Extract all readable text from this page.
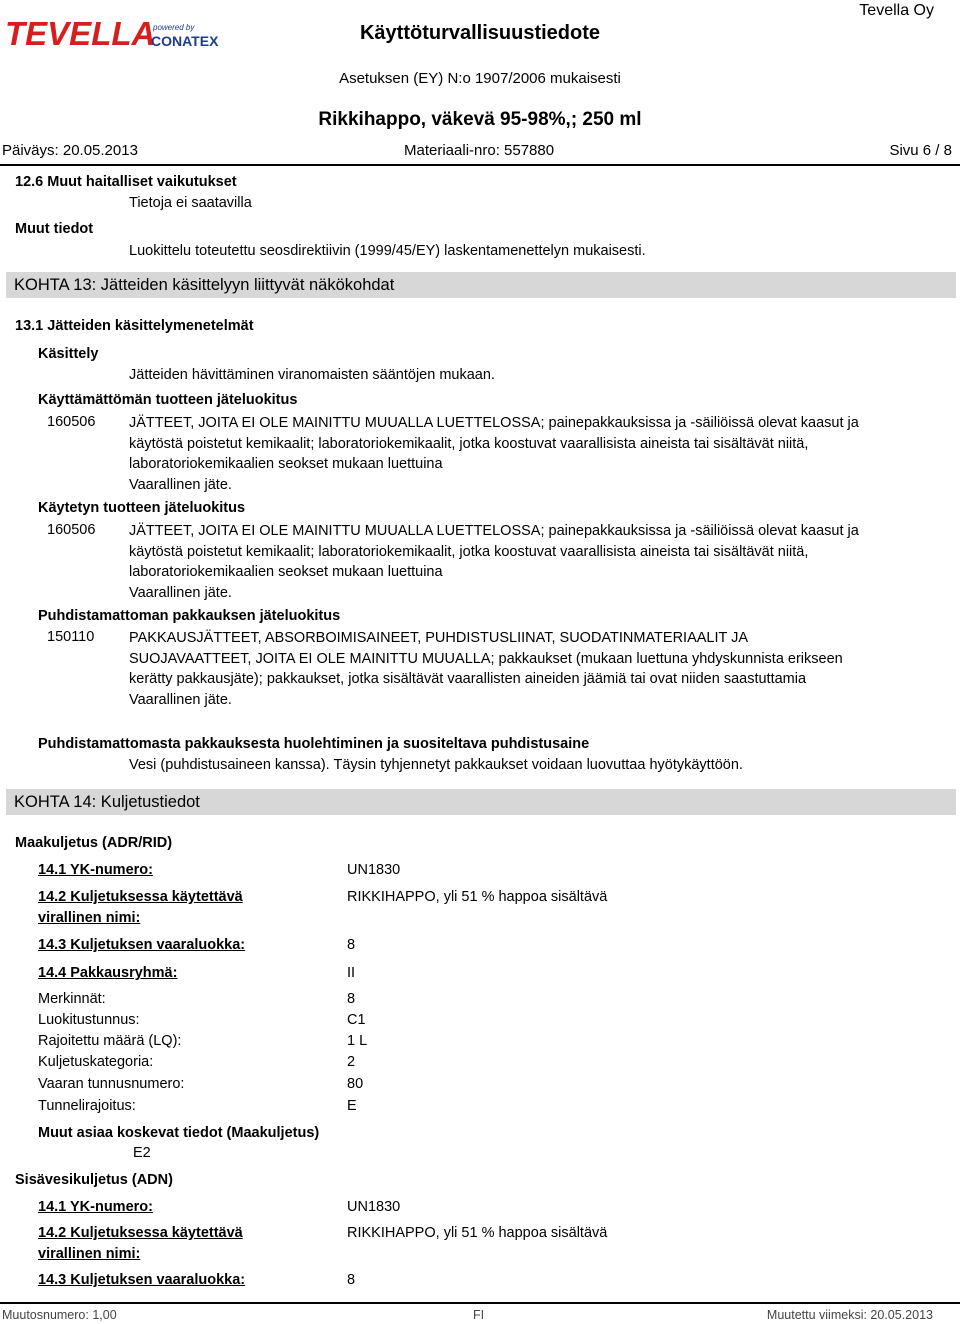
TEVELLA
powered by
CONATEX	Käyttöturvallisuustiedote
Tevella Oy
Asetuksen (EY) N:o 1907/2006 mukaisesti
Rikkihappo, väkevä 95-98%,; 250 ml
Päiväys: 20.05.2013	Materiaali-nro: 557880	Sivu 6 / 8
12.6 Muut haitalliset vaikutukset
Tietoja ei saatavilla
Muut tiedot
Luokittelu toteutettu seosdirektiivin (1999/45/EY) laskentamenettelyn mukaisesti.
KOHTA 13: Jätteiden käsittelyyn liittyvät näkökohdat
13.1 Jätteiden käsittelymenetelmät
Käsittely
Jätteiden hävittäminen viranomaisten sääntöjen mukaan.
Käyttämättömän tuotteen jäteluokitus
160506 JÄTTEET, JOITA EI OLE MAINITTU MUUALLA LUETTELOSSA; painepakkauksissa ja -säiliöissä olevat kaasut ja käytöstä poistetut kemikaalit; laboratoriokemikaalit, jotka koostuvat vaarallisista aineista tai sisältävät niitä, laboratoriokemikaalien seokset mukaan luettuina
Vaarallinen jäte.
Käytetyn tuotteen jäteluokitus
160506 JÄTTEET, JOITA EI OLE MAINITTU MUUALLA LUETTELOSSA; painepakkauksissa ja -säiliöissä olevat kaasut ja käytöstä poistetut kemikaalit; laboratoriokemikaalit, jotka koostuvat vaarallisista aineista tai sisältävät niitä, laboratoriokemikaalien seokset mukaan luettuina
Vaarallinen jäte.
Puhdistamattoman pakkauksen jäteluokitus
150110 PAKKAUSJÄTTEET, ABSORBOIMISAINEET, PUHDISTUSLIINAT, SUODATINMATERIAALIT JA SUOJAVAATTEET, JOITA EI OLE MAINITTU MUUALLA; pakkaukset (mukaan luettuna yhdyskunnista erikseen kerätty pakkausjäte); pakkaukset, jotka sisältävät vaarallisten aineiden jäämiä tai ovat niiden saastuttamia
Vaarallinen jäte.
Puhdistamattomasta pakkauksesta huolehtiminen ja suositeltava puhdistusaine
Vesi (puhdistusaineen kanssa). Täysin tyhjennetyt pakkaukset voidaan luovuttaa hyötykäyttöön.
KOHTA 14: Kuljetustiedot
Maakuljetus (ADR/RID)
14.1 YK-numero:	UN1830
14.2 Kuljetuksessa käytettävä
virallinen nimi:
RIKKIHAPPO, yli 51 % happoa sisältävä
14.3 Kuljetuksen vaaraluokka:	8
14.4 Pakkausryhmä:	II
Merkinnät:	8
Luokitustunnus:	C1
Rajoitettu määrä (LQ):	1 L
Kuljetuskategoria:	2
Vaaran tunnusnumero:	80
Tunnelirajoitus:	E
Muut asiaa koskevat tiedot (Maakuljetus)
E2
Sisävesikuljetus (ADN)
14.1 YK-numero:	UN1830
14.2 Kuljetuksessa käytettävä
virallinen nimi:
RIKKIHAPPO, yli 51 % happoa sisältävä
14.3 Kuljetuksen vaaraluokka:	8
Muutosnumero: 1,00	FI	Muutettu viimeksi: 20.05.2013
